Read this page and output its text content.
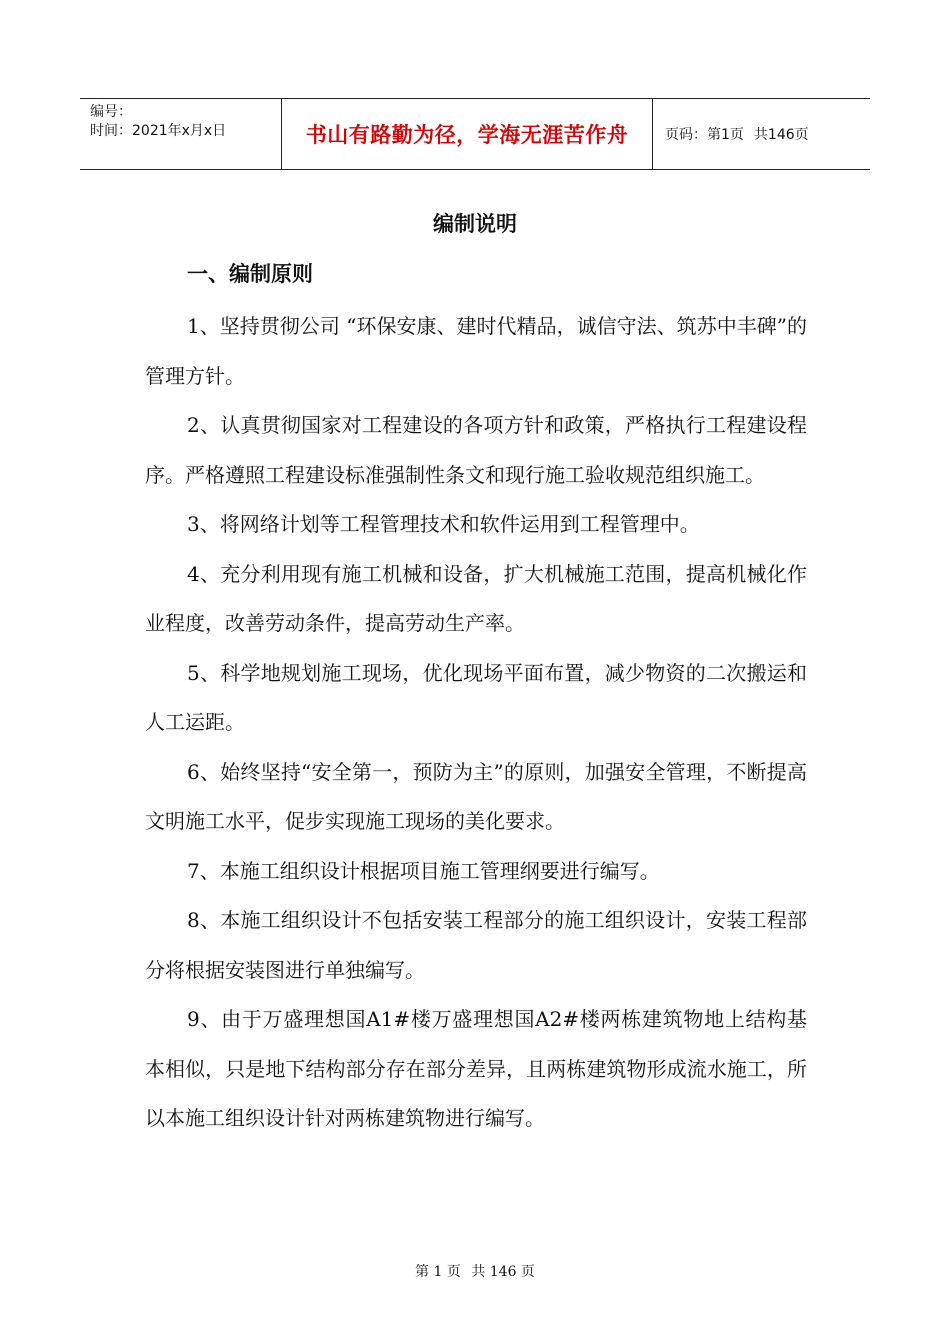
编号：
时间：2021年x月x日	书山有路勤为径，学海无涯苦作舟	页码：第1页 共146页
编制说明
一、编制原则

1、坚持贯彻公司 “环保安康、建时代精品，诚信守法、筑苏中丰碑”的管理方针。

2、认真贯彻国家对工程建设的各项方针和政策，严格执行工程建设程序。严格遵照工程建设标准强制性条文和现行施工验收规范组织施工。

3、将网络计划等工程管理技术和软件运用到工程管理中。

4、充分利用现有施工机械和设备，扩大机械施工范围，提高机械化作业程度，改善劳动条件，提高劳动生产率。

5、科学地规划施工现场，优化现场平面布置，减少物资的二次搬运和人工运距。

6、始终坚持“安全第一，预防为主”的原则，加强安全管理，不断提高文明施工水平，促步实现施工现场的美化要求。

7、本施工组织设计根据项目施工管理纲要进行编写。

8、本施工组织设计不包括安装工程部分的施工组织设计，安装工程部分将根据安装图进行单独编写。

9、由于万盛理想国A1#楼万盛理想国A2#楼两栋建筑物地上结构基本相似，只是地下结构部分存在部分差异，且两栋建筑物形成流水施工，所以本施工组织设计针对两栋建筑物进行编写。

第 1 页 共 146 页
